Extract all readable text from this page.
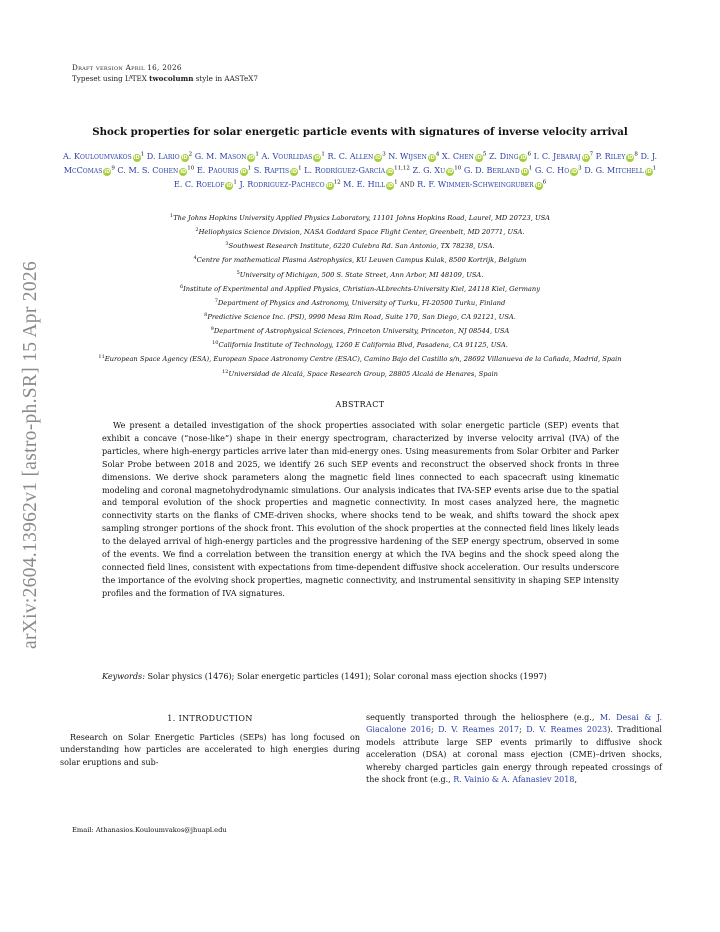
arXiv:2604.13962v1 [astro-ph.SR] 15 Apr 2026
Draft version April 16, 2026
Typeset using $L^ATEX$ twocolumn style in AASTeX7
Shock properties for solar energetic particle events with signatures of inverse velocity arrival
A. Kouloumvakos $iD^1$ D. Lario $iD^2$ G. M. Mason $iD^1$ A. Vourlidas $iD^1$ R. C. Allen $iD^3$ N. Wijsen $iD^4$ X. Chen $iD^5$ Z. Ding $iD^6$ I. C. Jebaraj $iD^7$ P. Riley $iD^8$ D. J. McComas $iD^9$ C. M. S. Cohen $iD^{10}$ E. Paouris $iD^1$ S. Raptis $iD^1$ L. Rodríguez-García iD$^{11,12}$ Z. G. Xu $iD^{10}$ G. D. Berland $iD^1$ G. C. Ho $iD^3$ D. G. Mitchell $iD^1$ E. C. Roelof $iD^1$ J. Rodriguez-Pacheco $iD^{12}$ M. E. Hill $iD^1$ and R. F. Wimmer-Schweingruber $iD^6$
$^1$The Johns Hopkins University Applied Physics Laboratory, 11101 Johns Hopkins Road, Laurel, MD 20723, USA
$^2$Heliophysics Science Division, NASA Goddard Space Flight Center, Greenbelt, MD 20771, USA.
$^3$Southwest Research Institute, 6220 Culebra Rd. San Antonio, TX 78238, USA.
$^4$Centre for mathematical Plasma Astrophysics, KU Leuven Campus Kulak, 8500 Kortrijk, Belgium
$^5$University of Michigan, 500 S. State Street, Ann Arbor, MI 48109, USA.
$^6$Institute of Experimental and Applied Physics, Christian-ALbrechts-University Kiel, 24118 Kiel, Germany
$^7$Department of Physics and Astronomy, University of Turku, FI-20500 Turku, Finland
$^8$Predictive Science Inc. (PSI), 9990 Mesa Rim Road, Suite 170, San Diego, CA 92121, USA.
$^9$Department of Astrophysical Sciences, Princeton University, Princeton, NJ 08544, USA
$^{10}$California Institute of Technology, 1260 E California Blvd, Pasadena, CA 91125, USA.
$^{11}$European Space Agency (ESA), European Space Astronomy Centre (ESAC), Camino Bajo del Castillo s/n, 28692 Villanueva de la Cañada, Madrid, Spain
$^{12}$Universidad de Alcalá, Space Research Group, 28805 Alcalá de Henares, Spain
ABSTRACT
We present a detailed investigation of the shock properties associated with solar energetic particle (SEP) events that exhibit a concave (“nose-like”) shape in their energy spectrogram, characterized by inverse velocity arrival (IVA) of the particles, where high-energy particles arrive later than mid-energy ones. Using measurements from Solar Orbiter and Parker Solar Probe between 2018 and 2025, we identify 26 such SEP events and reconstruct the observed shock fronts in three dimensions. We derive shock parameters along the magnetic field lines connected to each spacecraft using kinematic modeling and coronal magnetohydrodynamic simulations. Our analysis indicates that IVA-SEP events arise due to the spatial and temporal evolution of the shock properties and magnetic connectivity. In most cases analyzed here, the magnetic connectivity starts on the flanks of CME-driven shocks, where shocks tend to be weak, and shifts toward the shock apex sampling stronger portions of the shock front. This evolution of the shock properties at the connected field lines likely leads to the delayed arrival of high-energy particles and the progressive hardening of the SEP energy spectrum, observed in some of the events. We find a correlation between the transition energy at which the IVA begins and the shock speed along the connected field lines, consistent with expectations from time-dependent diffusive shock acceleration. Our results underscore the importance of the evolving shock properties, magnetic connectivity, and instrumental sensitivity in shaping SEP intensity profiles and the formation of IVA signatures.
Keywords: Solar physics (1476); Solar energetic particles (1491); Solar coronal mass ejection shocks (1997)
1. INTRODUCTION
Research on Solar Energetic Particles (SEPs) has long focused on understanding how particles are accelerated to high energies during solar eruptions and sub-
sequently transported through the heliosphere (e.g., M. Desai & J. Giacalone 2016; D. V. Reames 2017; D. V. Reames 2023). Traditional models attribute large SEP events primarily to diffusive shock acceleration (DSA) at coronal mass ejection (CME)–driven shocks, whereby charged particles gain energy through repeated crossings of the shock front (e.g., R. Vainio & A. Afanasiev 2018,
Email: Athanasios.Kouloumvakos@jhuapl.edu
